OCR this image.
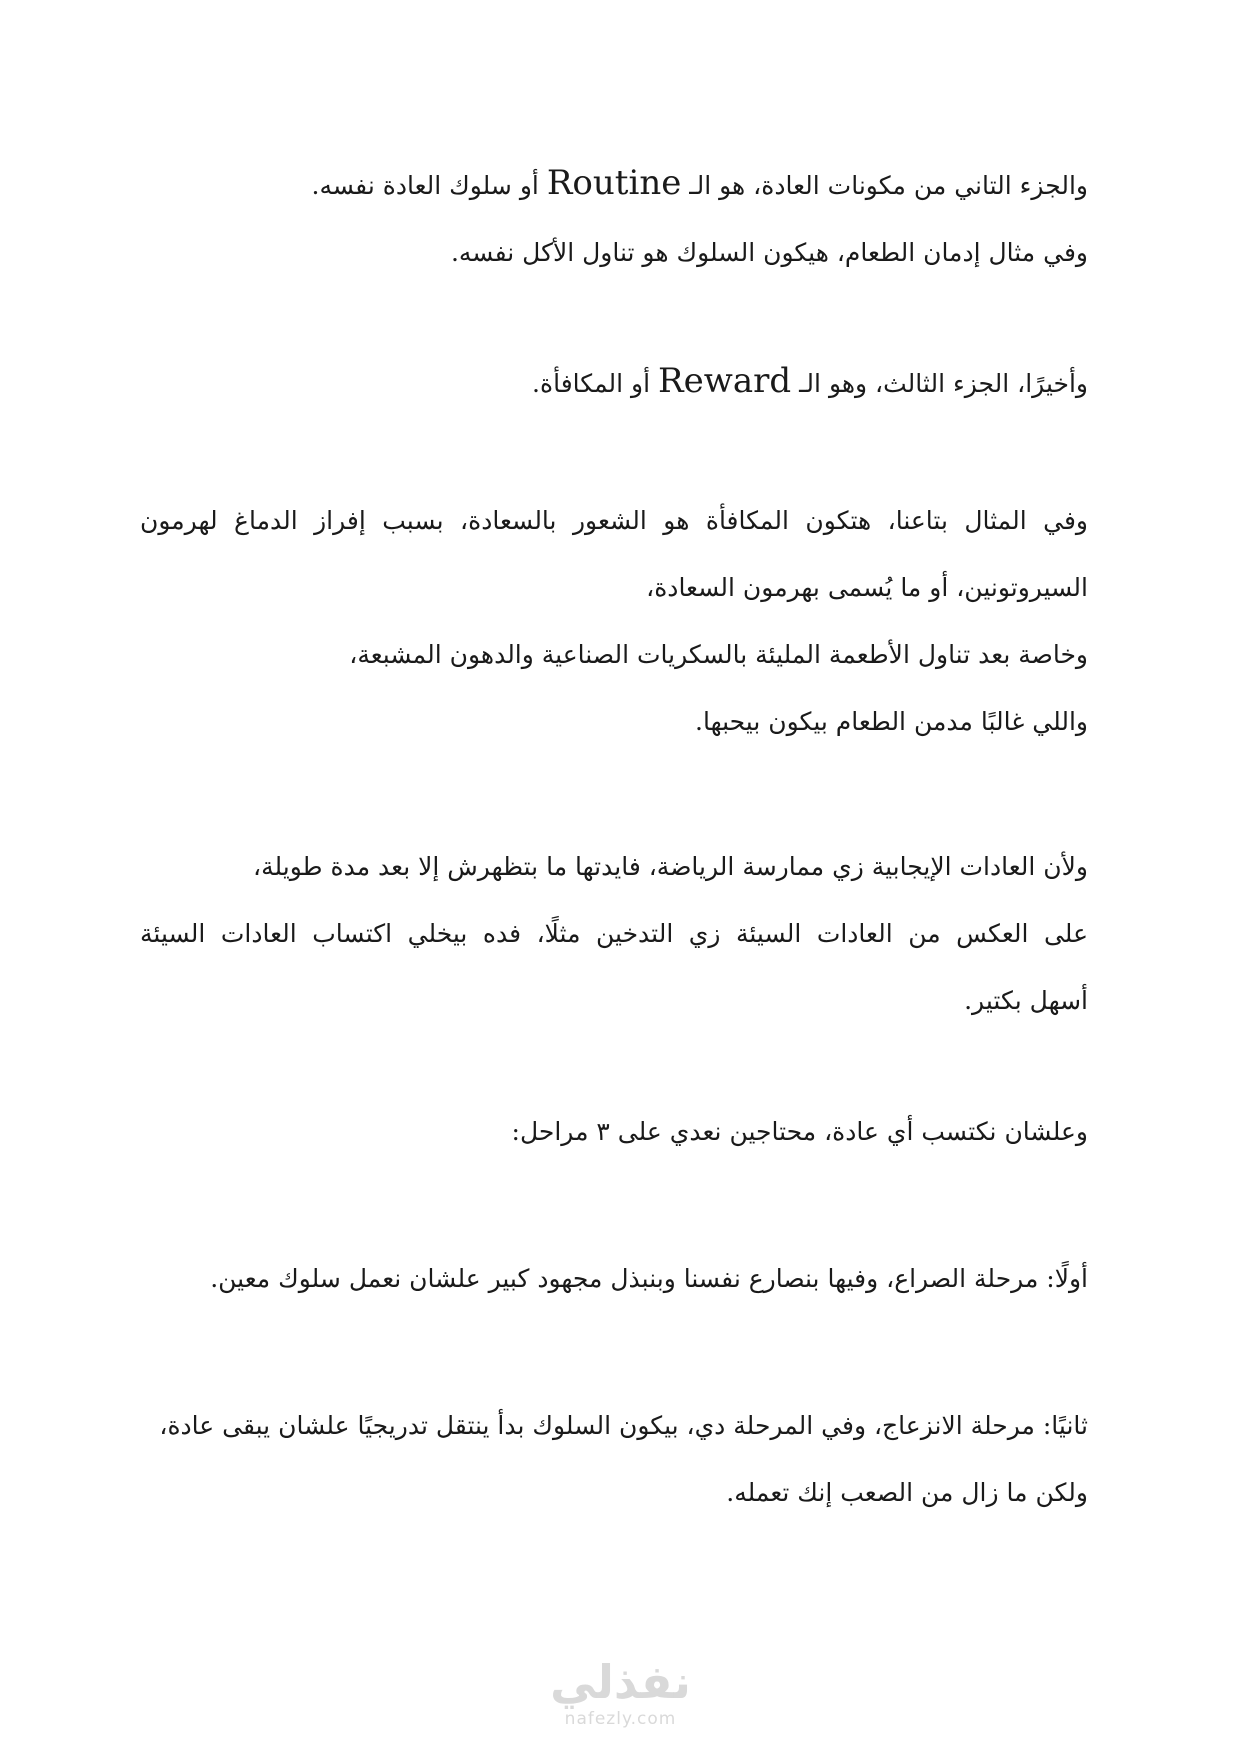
والجزء التاني من مكونات العادة، هو الـ Routine أو سلوك العادة نفسه.
وفي مثال إدمان الطعام، هيكون السلوك هو تناول الأكل نفسه.
وأخيرًا، الجزء الثالث، وهو الـ Reward أو المكافأة.
وفي المثال بتاعنا، هتكون المكافأة هو الشعور بالسعادة، بسبب إفراز الدماغ لهرمون
السيروتونين، أو ما يُسمى بهرمون السعادة،
وخاصة بعد تناول الأطعمة المليئة بالسكريات الصناعية والدهون المشبعة،
واللي غالبًا مدمن الطعام بيكون بيحبها.
ولأن العادات الإيجابية زي ممارسة الرياضة، فايدتها ما بتظهرش إلا بعد مدة طويلة،
على العكس من العادات السيئة زي التدخين مثلًا، فده بيخلي اكتساب العادات السيئة
أسهل بكتير.
وعلشان نكتسب أي عادة، محتاجين نعدي على ٣ مراحل:
أولًا: مرحلة الصراع، وفيها بنصارع نفسنا وبنبذل مجهود كبير علشان نعمل سلوك معين.
ثانيًا: مرحلة الانزعاج، وفي المرحلة دي، بيكون السلوك بدأ ينتقل تدريجيًا علشان يبقى عادة،
ولكن ما زال من الصعب إنك تعمله.
نفذلي
nafezly.com
